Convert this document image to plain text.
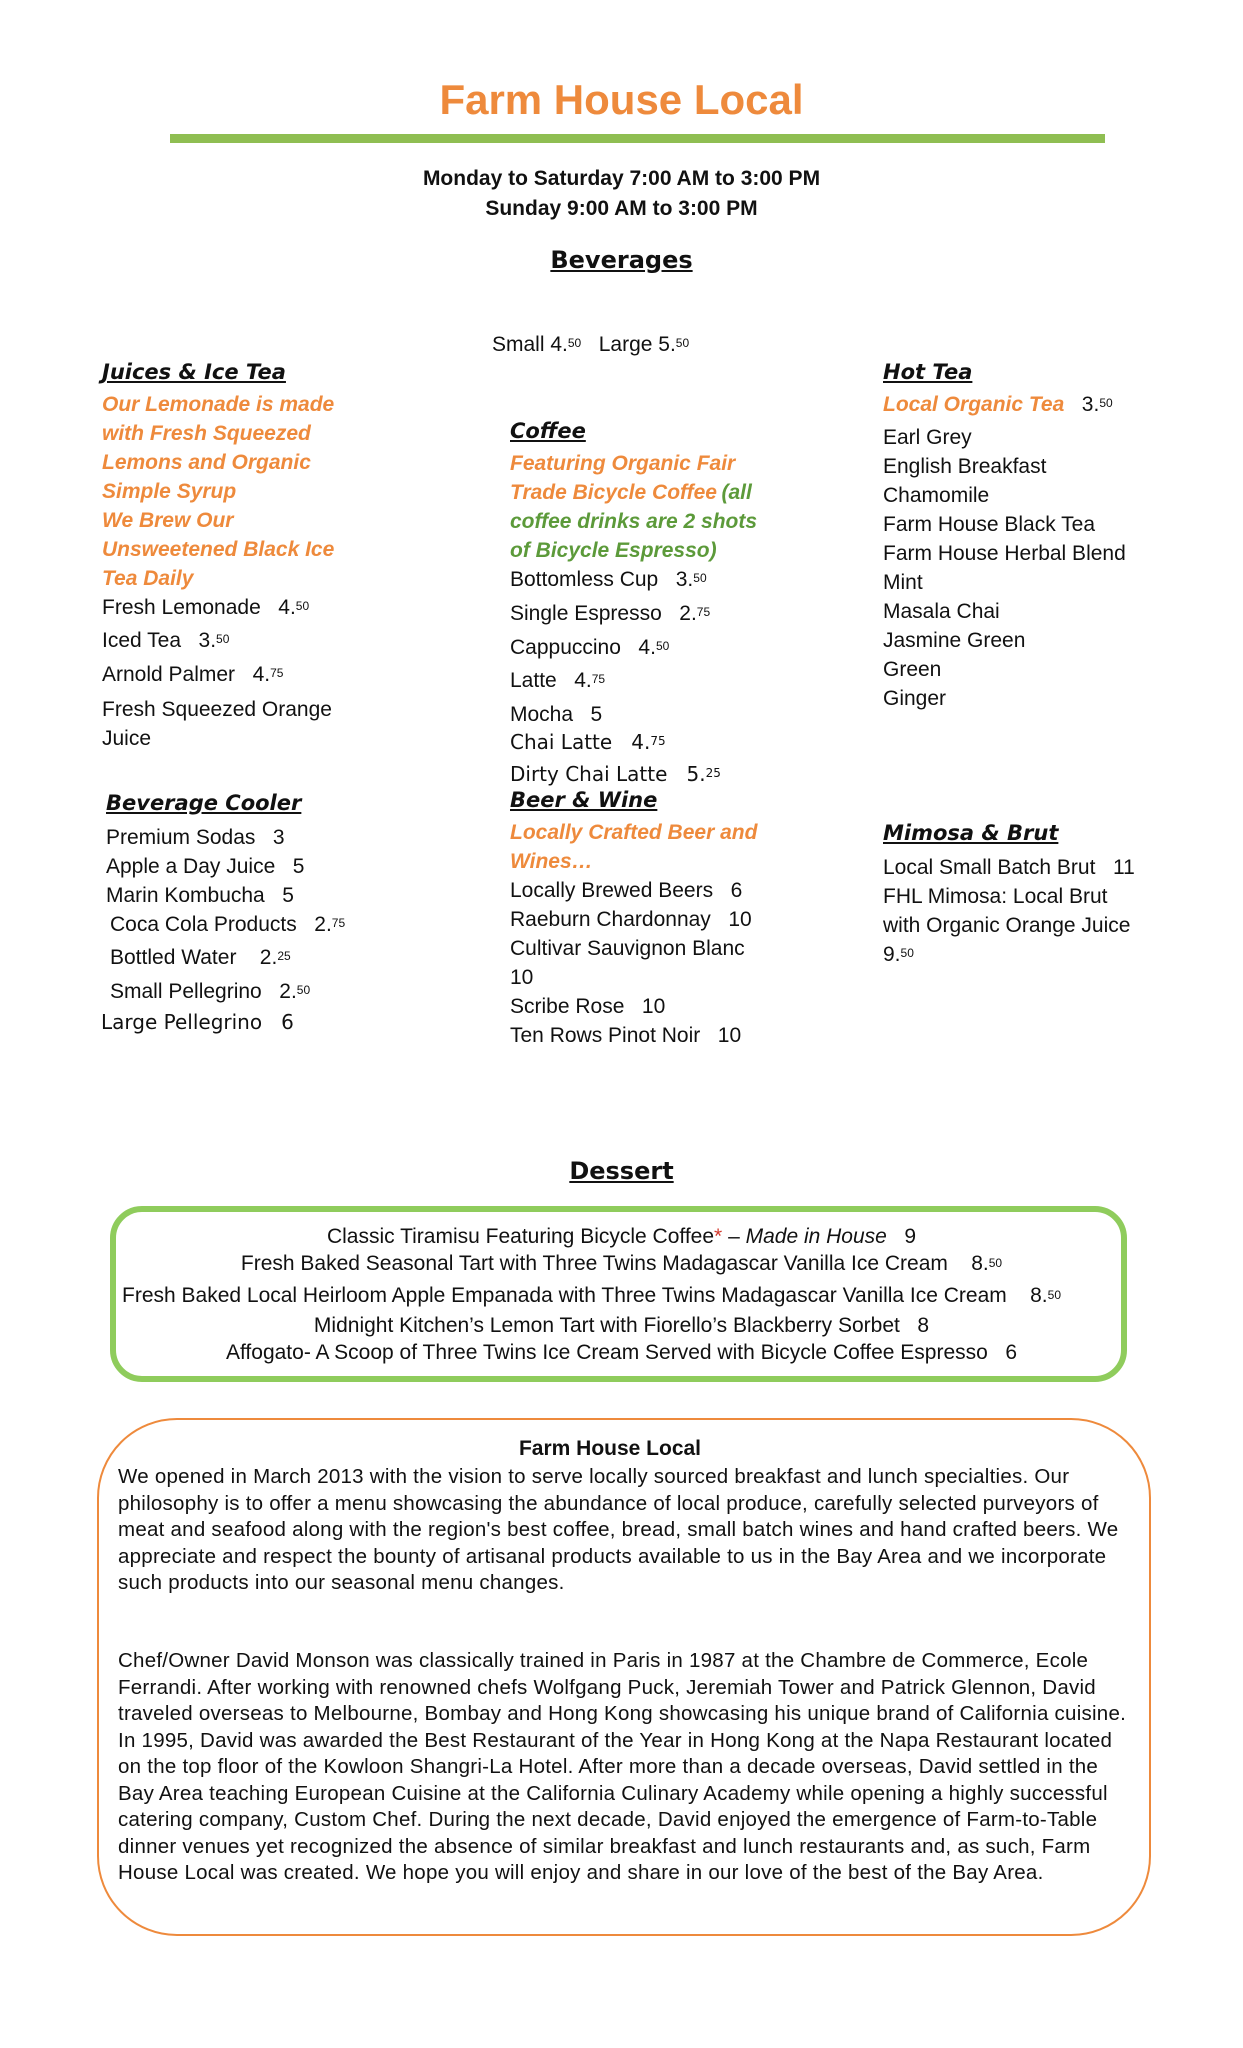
Farm House Local
Monday to Saturday 7:00 AM to 3:00 PM
Sunday 9:00 AM to 3:00 PM
Beverages
Small 4.50 Large 5.50
Juices & Ice Tea
Our Lemonade is made
with Fresh Squeezed
Lemons and Organic
Simple Syrup
We Brew Our
Unsweetened Black Ice
Tea Daily
Fresh Lemonade 4.50
Iced Tea 3.50
Arnold Palmer 4.75
Fresh Squeezed Orange
Juice
Beverage Cooler
Premium Sodas 3
Apple a Day Juice 5
Marin Kombucha 5
Coca Cola Products 2.75
Bottled Water 2.25
Small Pellegrino 2.50
Large Pellegrino 6
Coffee
Featuring Organic Fair
Trade Bicycle Coffee (all
coffee drinks are 2 shots
of Bicycle Espresso)
Bottomless Cup 3.50
Single Espresso 2.75
Cappuccino 4.50
Latte 4.75
Mocha 5
Chai Latte 4.75
Dirty Chai Latte 5.25
Beer & Wine
Locally Crafted Beer and
Wines…
Locally Brewed Beers 6
Raeburn Chardonnay 10
Cultivar Sauvignon Blanc
10
Scribe Rose 10
Ten Rows Pinot Noir 10
Hot Tea
Local Organic Tea 3.50
Earl Grey
English Breakfast
Chamomile
Farm House Black Tea
Farm House Herbal Blend
Mint
Masala Chai
Jasmine Green
Green
Ginger
Mimosa & Brut
Local Small Batch Brut 11
FHL Mimosa: Local Brut
with Organic Orange Juice
9.50
Dessert
Classic Tiramisu Featuring Bicycle Coffee* – Made in House 9
Fresh Baked Seasonal Tart with Three Twins Madagascar Vanilla Ice Cream 8.50
Fresh Baked Local Heirloom Apple Empanada with Three Twins Madagascar Vanilla Ice Cream 8.50
Midnight Kitchen’s Lemon Tart with Fiorello’s Blackberry Sorbet 8
Affogato- A Scoop of Three Twins Ice Cream Served with Bicycle Coffee Espresso 6
Farm House Local
We opened in March 2013 with the vision to serve locally sourced breakfast and lunch specialties. Our philosophy is to offer a menu showcasing the abundance of local produce, carefully selected purveyors of meat and seafood along with the region's best coffee, bread, small batch wines and hand crafted beers. We appreciate and respect the bounty of artisanal products available to us in the Bay Area and we incorporate such products into our seasonal menu changes.
Chef/Owner David Monson was classically trained in Paris in 1987 at the Chambre de Commerce, Ecole Ferrandi. After working with renowned chefs Wolfgang Puck, Jeremiah Tower and Patrick Glennon, David traveled overseas to Melbourne, Bombay and Hong Kong showcasing his unique brand of California cuisine. In 1995, David was awarded the Best Restaurant of the Year in Hong Kong at the Napa Restaurant located on the top floor of the Kowloon Shangri-La Hotel. After more than a decade overseas, David settled in the Bay Area teaching European Cuisine at the California Culinary Academy while opening a highly successful catering company, Custom Chef. During the next decade, David enjoyed the emergence of Farm-to-Table dinner venues yet recognized the absence of similar breakfast and lunch restaurants and, as such, Farm House Local was created. We hope you will enjoy and share in our love of the best of the Bay Area.
